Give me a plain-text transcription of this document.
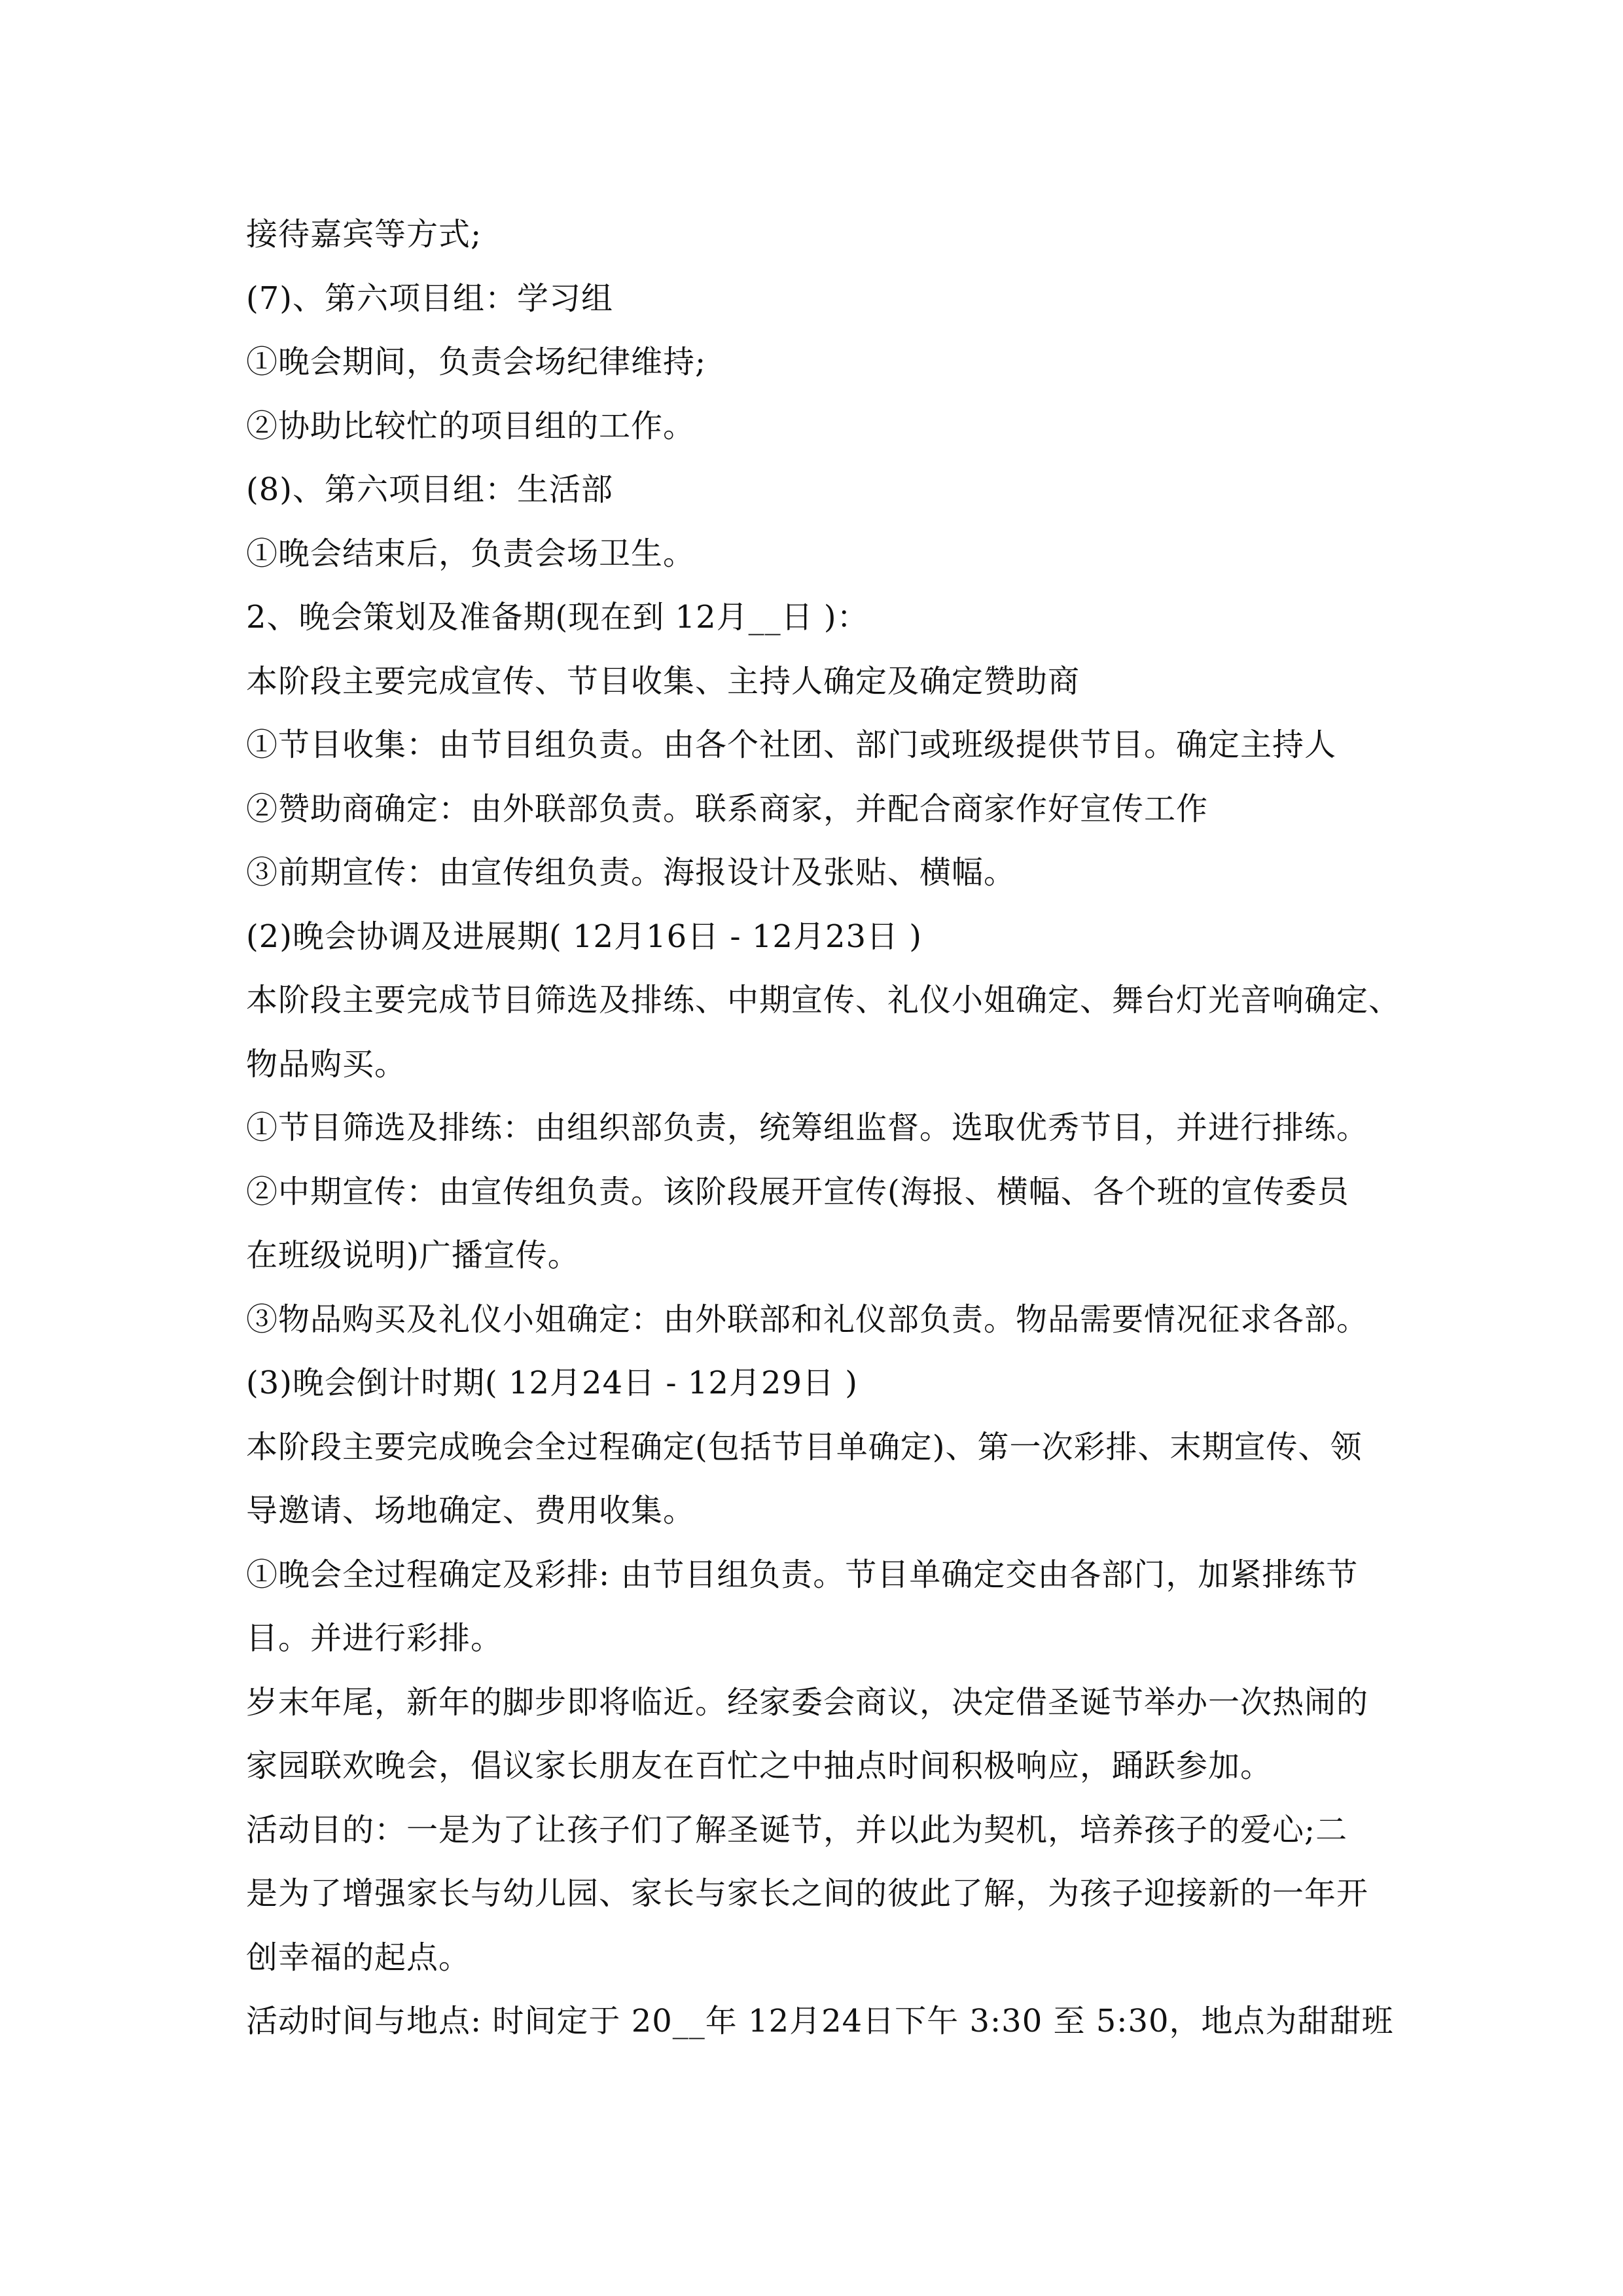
接待嘉宾等方式;
(7)、第六项目组：学习组
①晚会期间，负责会场纪律维持;
②协助比较忙的项目组的工作。
(8)、第六项目组：生活部
①晚会结束后，负责会场卫生。
2、晚会策划及准备期(现在到 12月__日 )：
本阶段主要完成宣传、节目收集、主持人确定及确定赞助商
①节目收集：由节目组负责。由各个社团、部门或班级提供节目。确定主持人
②赞助商确定：由外联部负责。联系商家，并配合商家作好宣传工作
③前期宣传：由宣传组负责。海报设计及张贴、横幅。
(2)晚会协调及进展期( 12月16日 - 12月23日 )
本阶段主要完成节目筛选及排练、中期宣传、礼仪小姐确定、舞台灯光音响确定、
物品购买。
①节目筛选及排练：由组织部负责，统筹组监督。选取优秀节目，并进行排练。
②中期宣传：由宣传组负责。该阶段展开宣传(海报、横幅、各个班的宣传委员
在班级说明)广播宣传。
③物品购买及礼仪小姐确定：由外联部和礼仪部负责。物品需要情况征求各部。
(3)晚会倒计时期( 12月24日 - 12月29日 )
本阶段主要完成晚会全过程确定(包括节目单确定)、第一次彩排、末期宣传、领
导邀请、场地确定、费用收集。
①晚会全过程确定及彩排: 由节目组负责。节目单确定交由各部门，加紧排练节
目。并进行彩排。
岁末年尾，新年的脚步即将临近。经家委会商议，决定借圣诞节举办一次热闹的
家园联欢晚会，倡议家长朋友在百忙之中抽点时间积极响应，踊跃参加。
活动目的：一是为了让孩子们了解圣诞节，并以此为契机，培养孩子的爱心;二
是为了增强家长与幼儿园、家长与家长之间的彼此了解，为孩子迎接新的一年开
创幸福的起点。
活动时间与地点: 时间定于 20__年 12月24日下午 3:30 至 5:30，地点为甜甜班
